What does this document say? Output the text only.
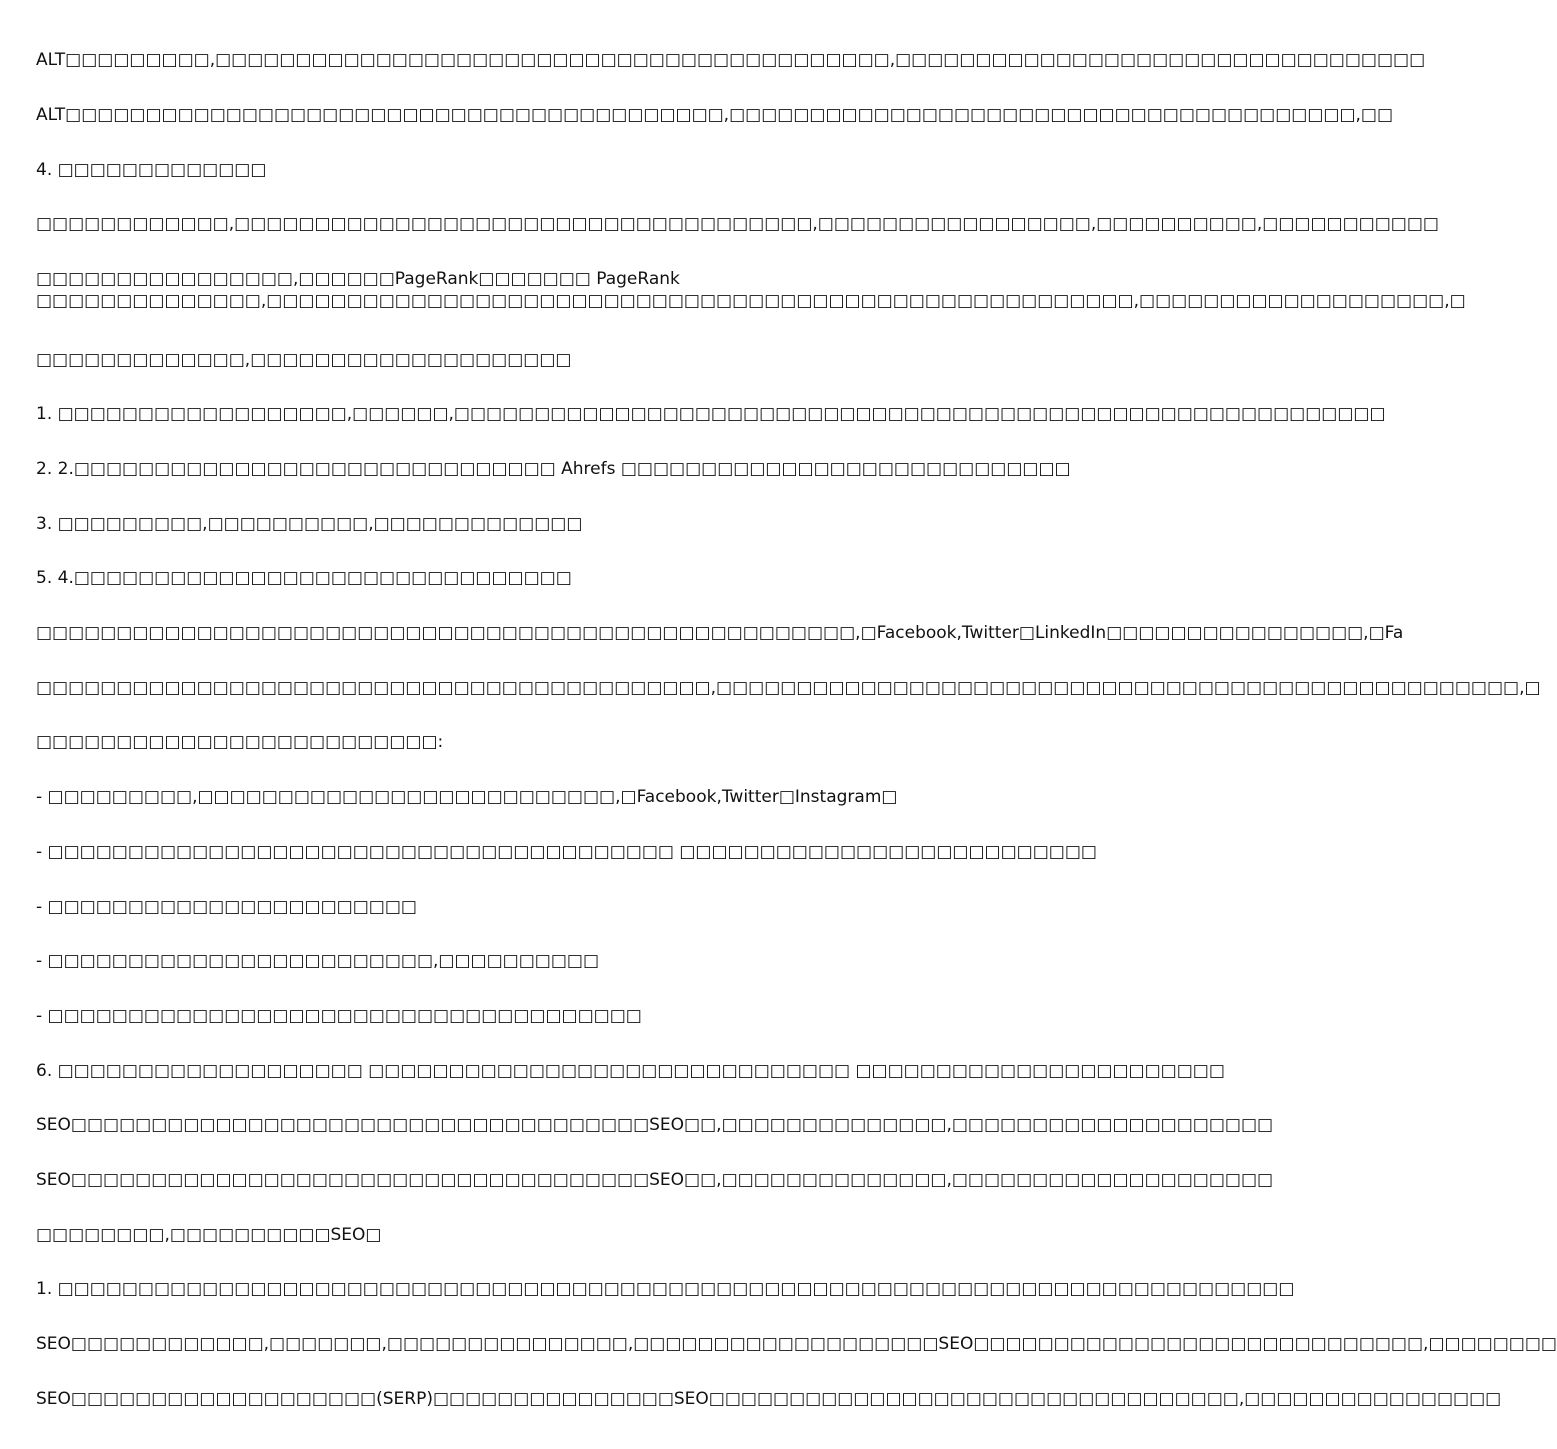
ALT□□□□□□□□□,□□□□□□□□□□□□□□□□□□□□□□□□□□□□□□□□□□□□□□□□□□,□□□□□□□□□□□□□□□□□□□□□□□□□□□□□□□□□
ALT□□□□□□□□□□□□□□□□□□□□□□□□□□□□□□□□□□□□□□□□□,□□□□□□□□□□□□□□□□□□□□□□□□□□□□□□□□□□□□□□□,□□
4. □□□□□□□□□□□□□
□□□□□□□□□□□□,□□□□□□□□□□□□□□□□□□□□□□□□□□□□□□□□□□□□,□□□□□□□□□□□□□□□□□,□□□□□□□□□□,□□□□□□□□□□□
□□□□□□□□□□□□□□□□,□□□□□□PageRank□□□□□□□ PageRank □□□□□□□□□□□□□□,□□□□□□□□□□□□□□□□□□□□□□□□□□□□□□□□□□□□□□□□□□□□□□□□□□□□□□,□□□□□□□□□□□□□□□□□□□,□
□□□□□□□□□□□□□,□□□□□□□□□□□□□□□□□□□□
1. □□□□□□□□□□□□□□□□□□,□□□□□□,□□□□□□□□□□□□□□□□□□□□□□□□□□□□□□□□□□□□□□□□□□□□□□□□□□□□□□□□□□
2. 2.□□□□□□□□□□□□□□□□□□□□□□□□□□□□□□ Ahrefs □□□□□□□□□□□□□□□□□□□□□□□□□□□□
3. □□□□□□□□□,□□□□□□□□□□,□□□□□□□□□□□□□
5. 4.□□□□□□□□□□□□□□□□□□□□□□□□□□□□□□□
□□□□□□□□□□□□□□□□□□□□□□□□□□□□□□□□□□□□□□□□□□□□□□□□□□□,□Facebook,Twitter□LinkedIn□□□□□□□□□□□□□□□□,□Fa
□□□□□□□□□□□□□□□□□□□□□□□□□□□□□□□□□□□□□□□□□□,□□□□□□□□□□□□□□□□□□□□□□□□□□□□□□□□□□□□□□□□□□□□□□□□□□,□
□□□□□□□□□□□□□□□□□□□□□□□□□:
- □□□□□□□□□,□□□□□□□□□□□□□□□□□□□□□□□□□□,□Facebook,Twitter□Instagram□
- □□□□□□□□□□□□□□□□□□□□□□□□□□□□□□□□□□□□□□□ □□□□□□□□□□□□□□□□□□□□□□□□□□
- □□□□□□□□□□□□□□□□□□□□□□□
- □□□□□□□□□□□□□□□□□□□□□□□□,□□□□□□□□□□
- □□□□□□□□□□□□□□□□□□□□□□□□□□□□□□□□□□□□□
6. □□□□□□□□□□□□□□□□□□□ □□□□□□□□□□□□□□□□□□□□□□□□□□□□□□ □□□□□□□□□□□□□□□□□□□□□□□
SEO□□□□□□□□□□□□□□□□□□□□□□□□□□□□□□□□□□□□SEO□□,□□□□□□□□□□□□□□,□□□□□□□□□□□□□□□□□□□□
SEO□□□□□□□□□□□□□□□□□□□□□□□□□□□□□□□□□□□□SEO□□,□□□□□□□□□□□□□□,□□□□□□□□□□□□□□□□□□□□
□□□□□□□□,□□□□□□□□□□SEO□
1. □□□□□□□□□□□□□□□□□□□□□□□□□□□□□□□□□□□□□□□□□□□□□□□□□□□□□□□□□□□□□□□□□□□□□□□□□□□□□
SEO□□□□□□□□□□□□,□□□□□□□,□□□□□□□□□□□□□□□,□□□□□□□□□□□□□□□□□□□SEO□□□□□□□□□□□□□□□□□□□□□□□□□□□□,□□□□□□□□
SEO□□□□□□□□□□□□□□□□□□□(SERP)□□□□□□□□□□□□□□□SEO□□□□□□□□□□□□□□□□□□□□□□□□□□□□□□□□□,□□□□□□□□□□□□□□□□
